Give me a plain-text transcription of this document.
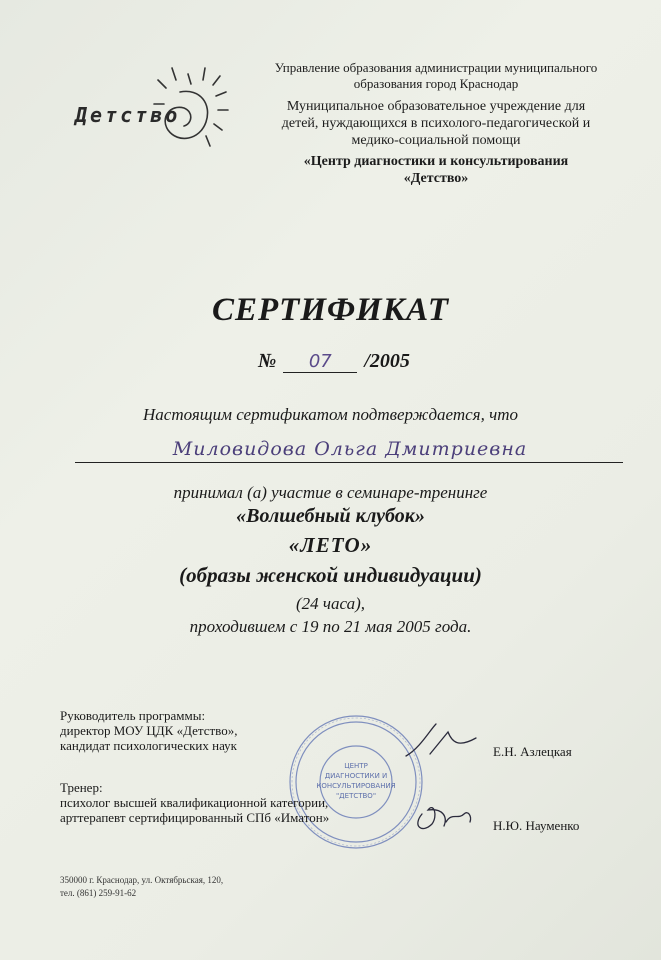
Детство
Управление образования администрации муниципального
образования город Краснодар
Муниципальное образовательное учреждение для
детей, нуждающихся в психолого-педагогической и
медико-социальной помощи
«Центр диагностики и консультирования
«Детство»
СЕРТИФИКАТ
№ 07 /2005
Настоящим сертификатом подтверждается, что
Миловидова Ольга Дмитриевна
принимал (а) участие в семинаре-тренинге
«Волшебный клубок»
«ЛЕТО»
(образы женской индивидуации)
(24 часа),
проходившем с 19 по 21 мая 2005 года.
ЦЕНТР
ДИАГНОСТИКИ И
КОНСУЛЬТИРОВАНИЯ
"ДЕТСТВО"
Руководитель программы:
директор МОУ ЦДК «Детство»,
кандидат психологических наук	Е.Н. Азлецкая
Тренер:
психолог высшей квалификационной категории,
арттерапевт сертифицированный СПб «Иматон»
Н.Ю. Науменко
350000 г. Краснодар, ул. Октябрьская, 120,
тел. (861) 259-91-62
